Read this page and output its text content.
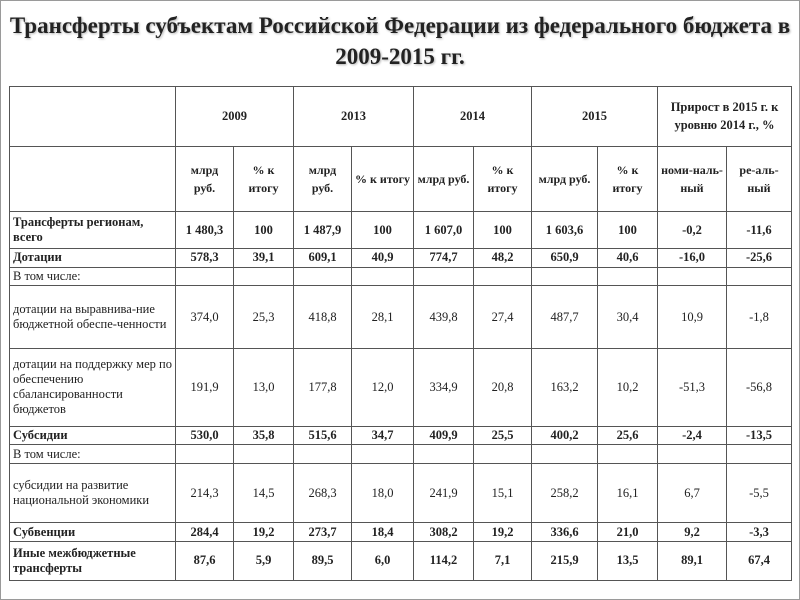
Трансферты субъектам Российской Федерации из федерального бюджета в
2009-2015 гг.
	2009		2013		2014		2015		Прирост в 2015 г. к уровню 2014 г., %	
	млрд руб.	% к итогу	млрд руб.	% к итогу	млрд руб.	% к итогу	млрд руб.	% к итогу	номи-наль-ный	ре-аль-ный
Трансферты регионам, всего	1 480,3	100	1 487,9	100	1 607,0	100	1 603,6	100	-0,2	-11,6
Дотации	578,3	39,1	609,1	40,9	774,7	48,2	650,9	40,6	-16,0	-25,6
В том числе:										
дотации на выравнива-ние бюджетной обеспе-ченности	374,0	25,3	418,8	28,1	439,8	27,4	487,7	30,4	10,9	-1,8
дотации на поддержку мер по обеспечению сбалансированности бюджетов	191,9	13,0	177,8	12,0	334,9	20,8	163,2	10,2	-51,3	-56,8
Субсидии	530,0	35,8	515,6	34,7	409,9	25,5	400,2	25,6	-2,4	-13,5
В том числе:										
субсидии на развитие национальной экономики	214,3	14,5	268,3	18,0	241,9	15,1	258,2	16,1	6,7	-5,5
Субвенции	284,4	19,2	273,7	18,4	308,2	19,2	336,6	21,0	9,2	-3,3
Иные межбюджетные трансферты	87,6	5,9	89,5	6,0	114,2	7,1	215,9	13,5	89,1	67,4
